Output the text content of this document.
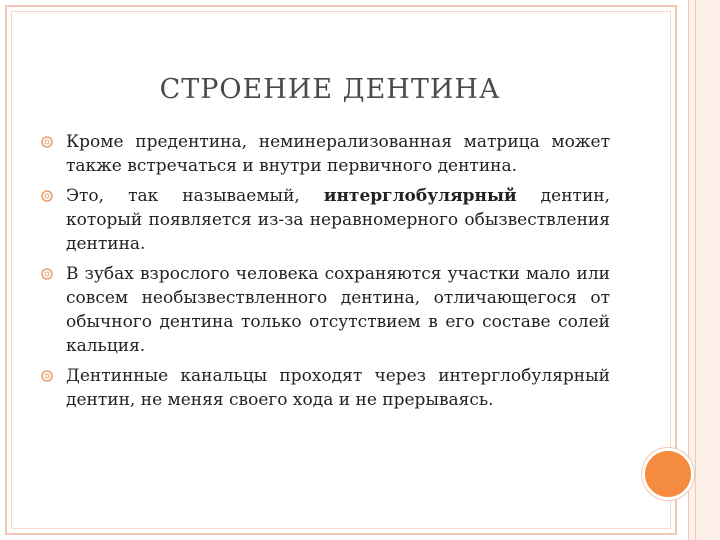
СТРОЕНИЕ ДЕНТИНА
Кроме предентина, неминерализованная матрица может также встречаться и внутри первичного дентина.
Это, так называемый, интерглобулярный дентин, который появляется из-за неравномерного обызвествления дентина.
В зубах взрослого человека сохраняются участки мало или совсем необызвествленного дентина, отличающегося от обычного дентина только отсутствием в его составе солей кальция.
Дентинные канальцы проходят через интерглобулярный дентин, не меняя своего хода и не прерываясь.
